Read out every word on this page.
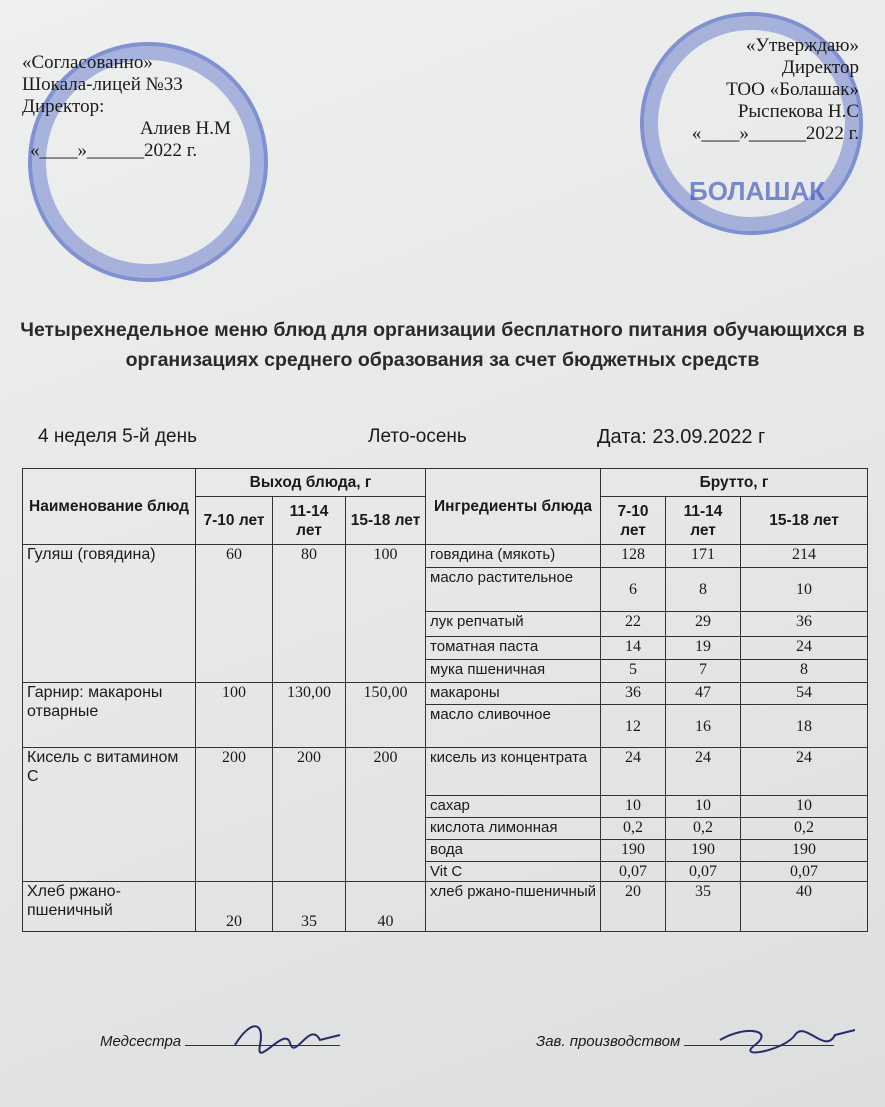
БОЛАШАК
«Согласованно»
Шокала-лицей №33
Директор:
Алиев Н.М
«____»______2022 г.
«Утверждаю»
Директор
ТОО «Болашак»
Рыспекова Н.С
«____»______2022 г.
Четырехнедельное меню блюд для организации бесплатного питания обучающихся в организациях среднего образования за счет бюджетных средств
4 неделя 5-й день	Лето-осень	Дата: 23.09.2022 г
Наименование блюд	Выход блюда, г			Ингредиенты блюда	Брутто, г		
	7-10 лет	11-14 лет	15-18 лет		7-10 лет	11-14 лет	15-18 лет
Гуляш (говядина)	60	80	100	говядина (мякоть)	128	171	214
				масло растительное	6	8	10
				лук репчатый	22	29	36
				томатная паста	14	19	24
				мука пшеничная	5	7	8
Гарнир: макароны отварные	100	130,00	150,00	макароны	36	47	54
				масло сливочное	12	16	18
Кисель с витамином С	200	200	200	кисель из концентрата	24	24	24
				сахар	10	10	10
				кислота лимонная	0,2	0,2	0,2
				вода	190	190	190
				Vit C	0,07	0,07	0,07
Хлеб ржано-пшеничный	20	35	40	хлеб ржано-пшеничный	20	35	40
Медсестра	Зав. производством
